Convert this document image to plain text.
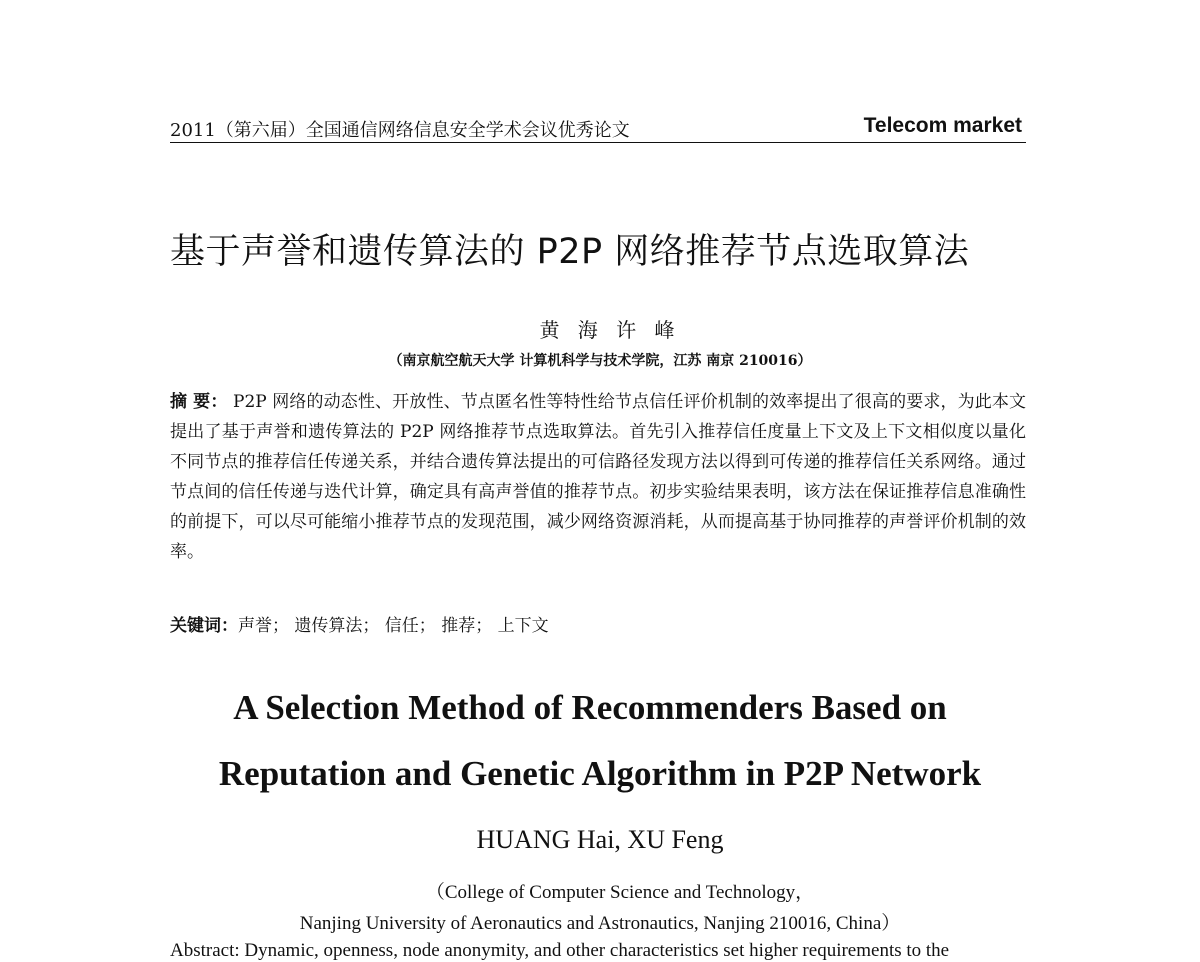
2011（第六届）全国通信网络信息安全学术会议优秀论文	Telecom market
基于声誉和遗传算法的 P2P 网络推荐节点选取算法
黄 海 许 峰
（南京航空航天大学 计算机科学与技术学院，江苏 南京 210016）
摘 要： P2P 网络的动态性、开放性、节点匿名性等特性给节点信任评价机制的效率提出了很高的要求，为此本文提出了基于声誉和遗传算法的 P2P 网络推荐节点选取算法。首先引入推荐信任度量上下文及上下文相似度以量化不同节点的推荐信任传递关系，并结合遗传算法提出的可信路径发现方法以得到可传递的推荐信任关系网络。通过节点间的信任传递与迭代计算，确定具有高声誉值的推荐节点。初步实验结果表明，该方法在保证推荐信息准确性的前提下，可以尽可能缩小推荐节点的发现范围，减少网络资源消耗，从而提高基于协同推荐的声誉评价机制的效率。
关键词：声誉； 遗传算法； 信任； 推荐； 上下文
A Selection Method of Recommenders Based on
Reputation and Genetic Algorithm in P2P Network
HUANG Hai, XU Feng
（College of Computer Science and Technology，
Nanjing University of Aeronautics and Astronautics, Nanjing 210016, China）
Abstract: Dynamic, openness, node anonymity, and other characteristics set higher requirements to the
